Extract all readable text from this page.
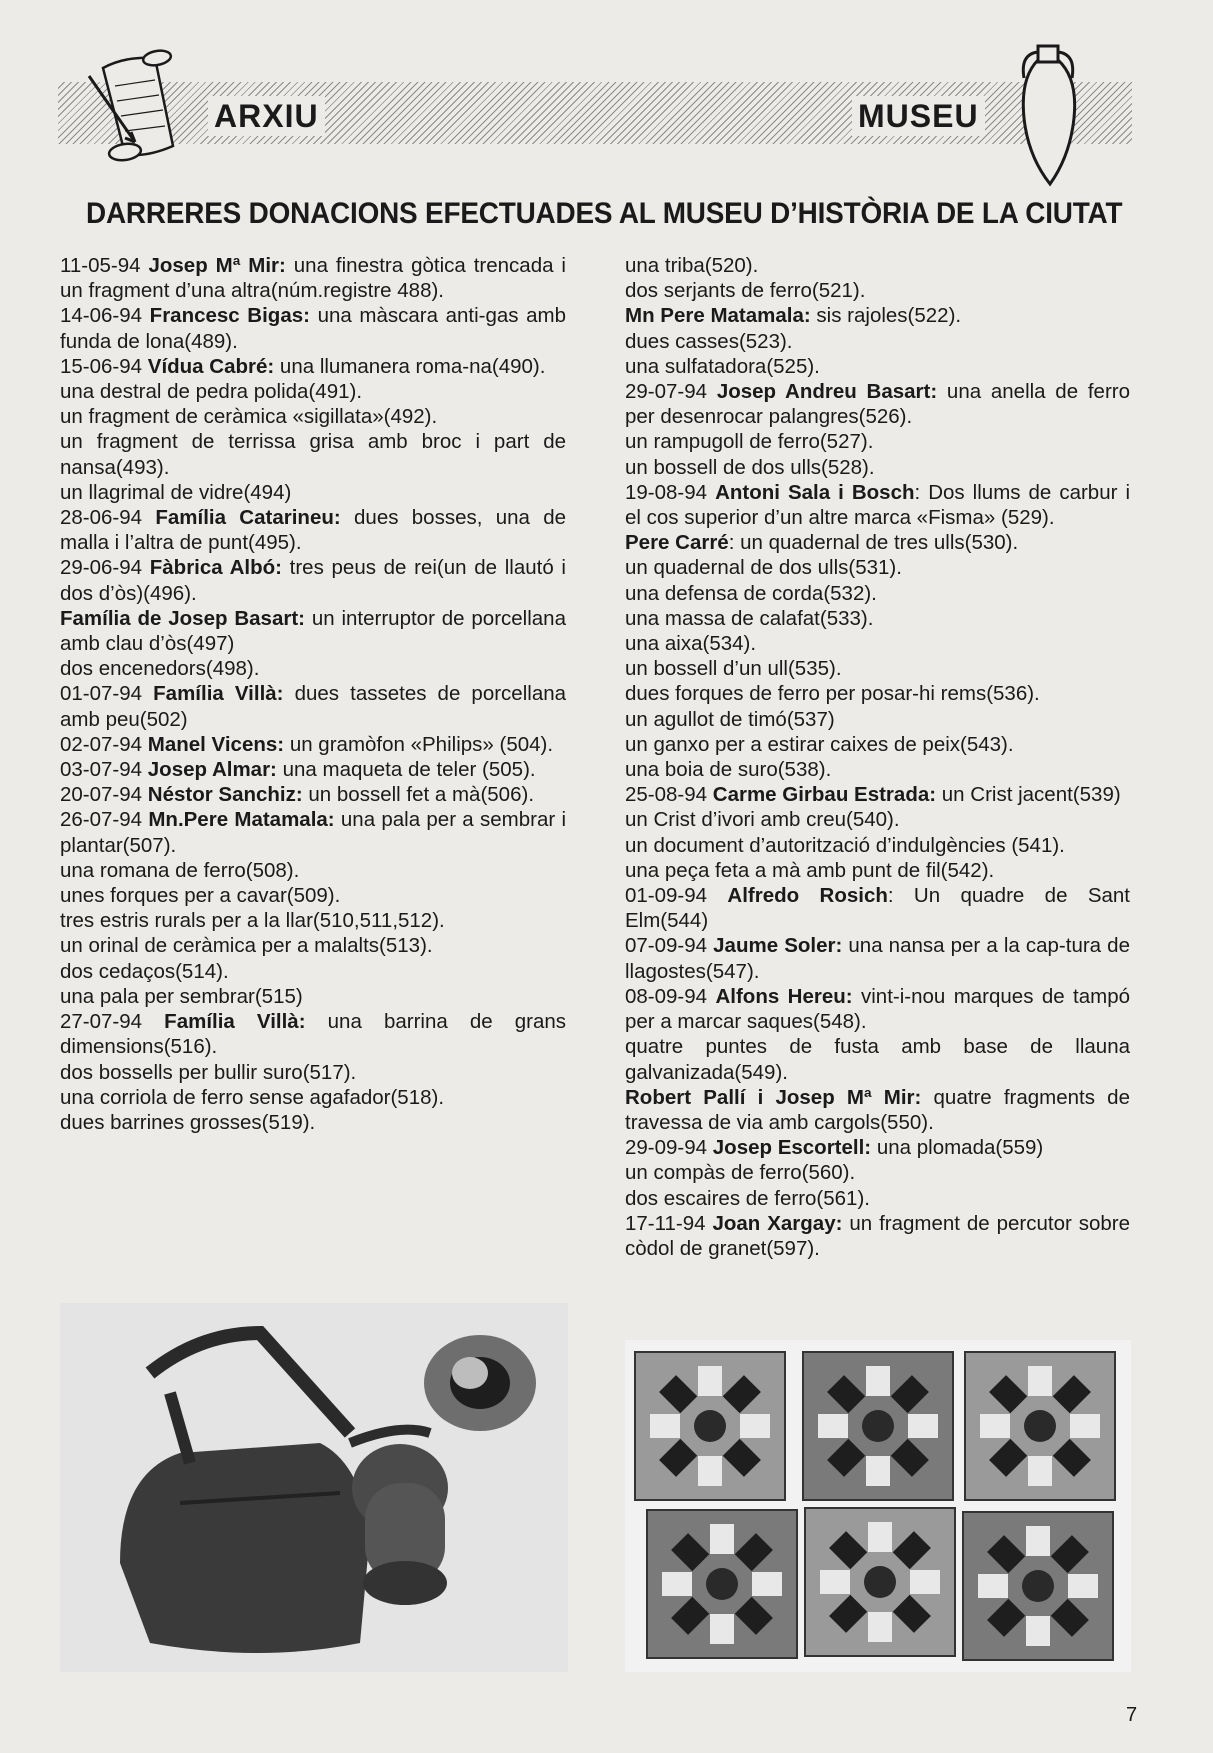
ARXIU	MUSEU
DARRERES DONACIONS EFECTUADES AL MUSEU D’HISTÒRIA DE LA CIUTAT

11-05-94 Josep Mª Mir: una finestra gòtica trencada i un fragment d’una altra(núm.registre 488).

14-06-94 Francesc Bigas: una màscara anti-gas amb funda de lona(489).

15-06-94 Vídua Cabré: una llumanera roma-na(490).

una destral de pedra polida(491).

un fragment de ceràmica «sigillata»(492).

un fragment de terrissa grisa amb broc i part de nansa(493).

un llagrimal de vidre(494)

28-06-94 Família Catarineu: dues bosses, una de malla i l’altra de punt(495).

29-06-94 Fàbrica Albó: tres peus de rei(un de llautó i dos d’òs)(496).

Família de Josep Basart: un interruptor de porcellana amb clau d’òs(497)

dos encenedors(498).

01-07-94 Família Villà: dues tassetes de porcellana amb peu(502)

02-07-94 Manel Vicens: un gramòfon «Philips» (504).

03-07-94 Josep Almar: una maqueta de teler (505).

20-07-94 Néstor Sanchiz: un bossell fet a mà(506).

26-07-94 Mn.Pere Matamala: una pala per a sembrar i plantar(507).

una romana de ferro(508).

unes forques per a cavar(509).

tres estris rurals per a la llar(510,511,512).

un orinal de ceràmica per a malalts(513).

dos cedaços(514).

una pala per sembrar(515)

27-07-94 Família Villà: una barrina de grans dimensions(516).

dos bossells per bullir suro(517).

una corriola de ferro sense agafador(518).

dues barrines grosses(519).

una triba(520).

dos serjants de ferro(521).

Mn Pere Matamala: sis rajoles(522).

dues casses(523).

una sulfatadora(525).

29-07-94 Josep Andreu Basart: una anella de ferro per desenrocar palangres(526).

un rampugoll de ferro(527).

un bossell de dos ulls(528).

19-08-94 Antoni Sala i Bosch: Dos llums de carbur i el cos superior d’un altre marca «Fisma» (529).

Pere Carré: un quadernal de tres ulls(530).

un quadernal de dos ulls(531).

una defensa de corda(532).

una massa de calafat(533).

una aixa(534).

un bossell d’un ull(535).

dues forques de ferro per posar-hi rems(536).

un agullot de timó(537)

un ganxo per a estirar caixes de peix(543).

una boia de suro(538).

25-08-94 Carme Girbau Estrada: un Crist jacent(539)

un Crist d’ivori amb creu(540).

un document d’autorització d’indulgències (541).

una peça feta a mà amb punt de fil(542).

01-09-94 Alfredo Rosich: Un quadre de Sant Elm(544)

07-09-94 Jaume Soler: una nansa per a la cap-tura de llagostes(547).

08-09-94 Alfons Hereu: vint-i-nou marques de tampó per a marcar saques(548).

quatre puntes de fusta amb base de llauna galvanizada(549).

Robert Pallí i Josep Mª Mir: quatre fragments de travessa de via amb cargols(550).

29-09-94 Josep Escortell: una plomada(559)

un compàs de ferro(560).

dos escaires de ferro(561).

17-11-94 Joan Xargay: un fragment de percutor sobre còdol de granet(597).

7
